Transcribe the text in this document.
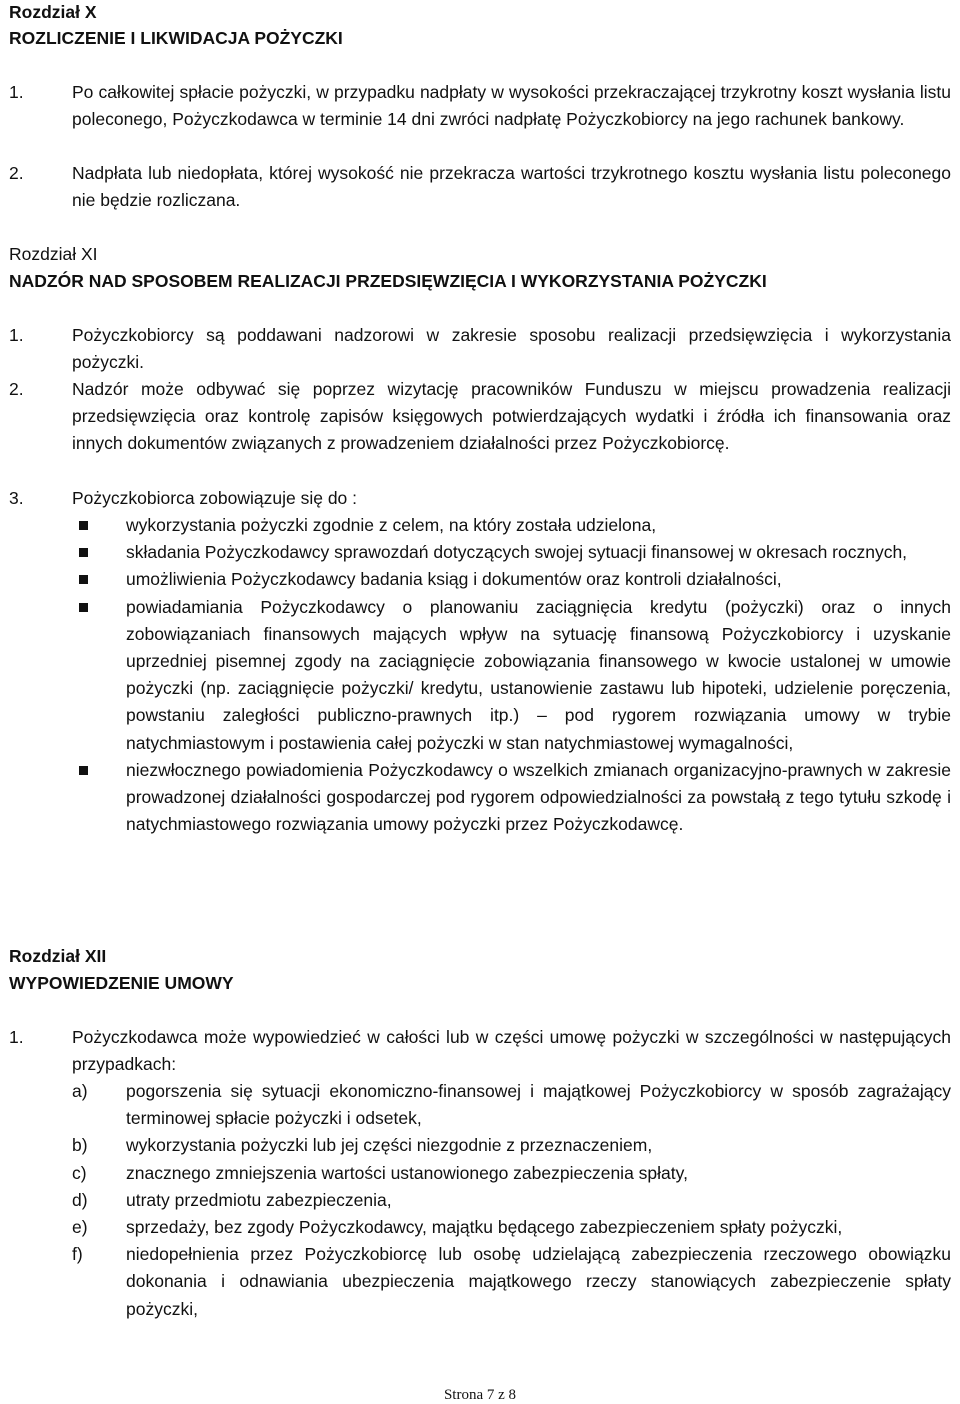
Rozdział X
ROZLICZENIE I LIKWIDACJA POŻYCZKI
1.	Po całkowitej spłacie pożyczki, w przypadku nadpłaty w wysokości przekraczającej trzykrotny koszt wysłania listu poleconego, Pożyczkodawca w terminie 14 dni zwróci nadpłatę Pożyczkobiorcy na jego rachunek bankowy.
2.	Nadpłata lub niedopłata, której wysokość nie przekracza wartości trzykrotnego kosztu wysłania listu poleconego nie będzie rozliczana.
Rozdział XI
NADZÓR NAD SPOSOBEM REALIZACJI PRZEDSIĘWZIĘCIA I WYKORZYSTANIA POŻYCZKI
1.	Pożyczkobiorcy są poddawani nadzorowi w zakresie sposobu realizacji przedsięwzięcia i wykorzystania pożyczki.
2.	Nadzór może odbywać się poprzez wizytację pracowników Funduszu w miejscu prowadzenia realizacji przedsięwzięcia oraz kontrolę zapisów księgowych potwierdzających wydatki i źródła ich finansowania oraz innych dokumentów związanych z prowadzeniem działalności przez Pożyczkobiorcę.
3.	Pożyczkobiorca zobowiązuje się do :
wykorzystania pożyczki zgodnie z celem, na który została udzielona,
składania Pożyczkodawcy sprawozdań dotyczących swojej sytuacji finansowej w okresach rocznych,
umożliwienia Pożyczkodawcy badania ksiąg i dokumentów oraz kontroli działalności,
powiadamiania Pożyczkodawcy o planowaniu zaciągnięcia kredytu (pożyczki) oraz o innych zobowiązaniach finansowych mających wpływ na sytuację finansową Pożyczkobiorcy i uzyskanie uprzedniej pisemnej zgody na zaciągnięcie zobowiązania finansowego w kwocie ustalonej w umowie pożyczki (np. zaciągnięcie pożyczki/ kredytu, ustanowienie zastawu lub hipoteki, udzielenie poręczenia, powstaniu zaległości publiczno-prawnych itp.) – pod rygorem rozwiązania umowy w trybie natychmiastowym i postawienia całej pożyczki w stan natychmiastowej wymagalności,
niezwłocznego powiadomienia Pożyczkodawcy o wszelkich zmianach organizacyjno-prawnych w zakresie prowadzonej działalności gospodarczej pod rygorem odpowiedzialności za powstałą z tego tytułu szkodę i natychmiastowego rozwiązania umowy pożyczki przez Pożyczkodawcę.
Rozdział XII
WYPOWIEDZENIE UMOWY
1.	Pożyczkodawca może wypowiedzieć w całości lub w części umowę pożyczki w szczególności w następujących przypadkach:
a)	pogorszenia się sytuacji ekonomiczno-finansowej i majątkowej Pożyczkobiorcy w sposób zagrażający terminowej spłacie pożyczki i odsetek,
b)	wykorzystania pożyczki lub jej części niezgodnie z przeznaczeniem,
c)	znacznego zmniejszenia wartości ustanowionego zabezpieczenia spłaty,
d)	utraty przedmiotu zabezpieczenia,
e)	sprzedaży, bez zgody Pożyczkodawcy, majątku będącego zabezpieczeniem spłaty pożyczki,
f)	niedopełnienia przez Pożyczkobiorcę lub osobę udzielającą zabezpieczenia rzeczowego obowiązku dokonania i odnawiania ubezpieczenia majątkowego rzeczy stanowiących zabezpieczenie spłaty pożyczki,
Strona 7 z 8
